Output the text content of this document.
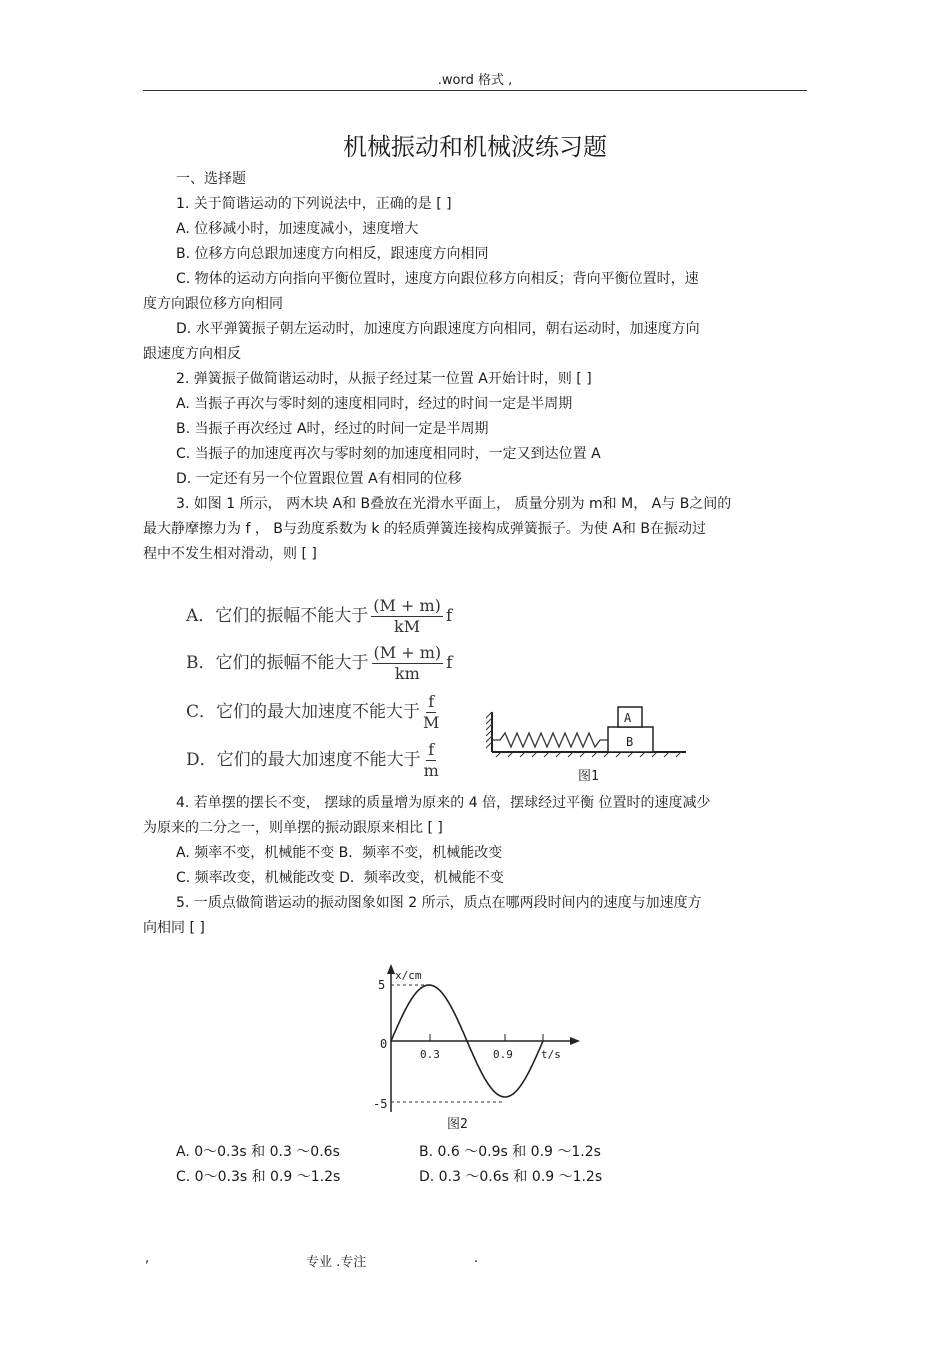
.word 格式 ,
机械振动和机械波练习题
一、选择题
1. 关于简谐运动的下列说法中，正确的是 [ ]
A. 位移减小时，加速度减小，速度增大
B. 位移方向总跟加速度方向相反，跟速度方向相同
C. 物体的运动方向指向平衡位置时，速度方向跟位移方向相反；背向平衡位置时，速
度方向跟位移方向相同
D. 水平弹簧振子朝左运动时，加速度方向跟速度方向相同，朝右运动时，加速度方向
跟速度方向相反
2. 弹簧振子做简谐运动时，从振子经过某一位置 A开始计时，则 [ ]
A. 当振子再次与零时刻的速度相同时，经过的时间一定是半周期
B. 当振子再次经过 A时，经过的时间一定是半周期
C. 当振子的加速度再次与零时刻的加速度相同时，一定又到达位置 A
D. 一定还有另一个位置跟位置 A有相同的位移
3. 如图 1 所示， 两木块 A和 B叠放在光滑水平面上， 质量分别为 m和 M， A与 B之间的
最大静摩擦力为 f ， B与劲度系数为 k 的轻质弹簧连接构成弹簧振子。为使 A和 B在振动过
程中不发生相对滑动，则 [ ]
A．它们的振幅不能大于 $\frac{(M + m)}{kM}$ f
B．它们的振幅不能大于 $\frac{(M + m)}{km}$ f
C．它们的最大加速度不能大于 $\frac{f}{M}$
D．它们的最大加速度不能大于 $\frac{f}{m}$
A
B
图1
4. 若单摆的摆长不变， 摆球的质量增为原来的 4 倍，摆球经过平衡 位置时的速度减少
为原来的二分之一，则单摆的振动跟原来相比 [ ]
A. 频率不变，机械能不变 B．频率不变，机械能改变
C. 频率改变，机械能改变 D．频率改变，机械能不变
5. 一质点做简谐运动的振动图象如图 2 所示，质点在哪两段时间内的速度与加速度方
向相同 [ ]
x/cm
t/s
5
0
-5
0.3	0.9
图2
A. 0～0.3s 和 0.3 ～0.6s	B. 0.6 ～0.9s 和 0.9 ～1.2s
C. 0～0.3s 和 0.9 ～1.2s	D. 0.3 ～0.6s 和 0.9 ～1.2s
,	专业 .专注	.
